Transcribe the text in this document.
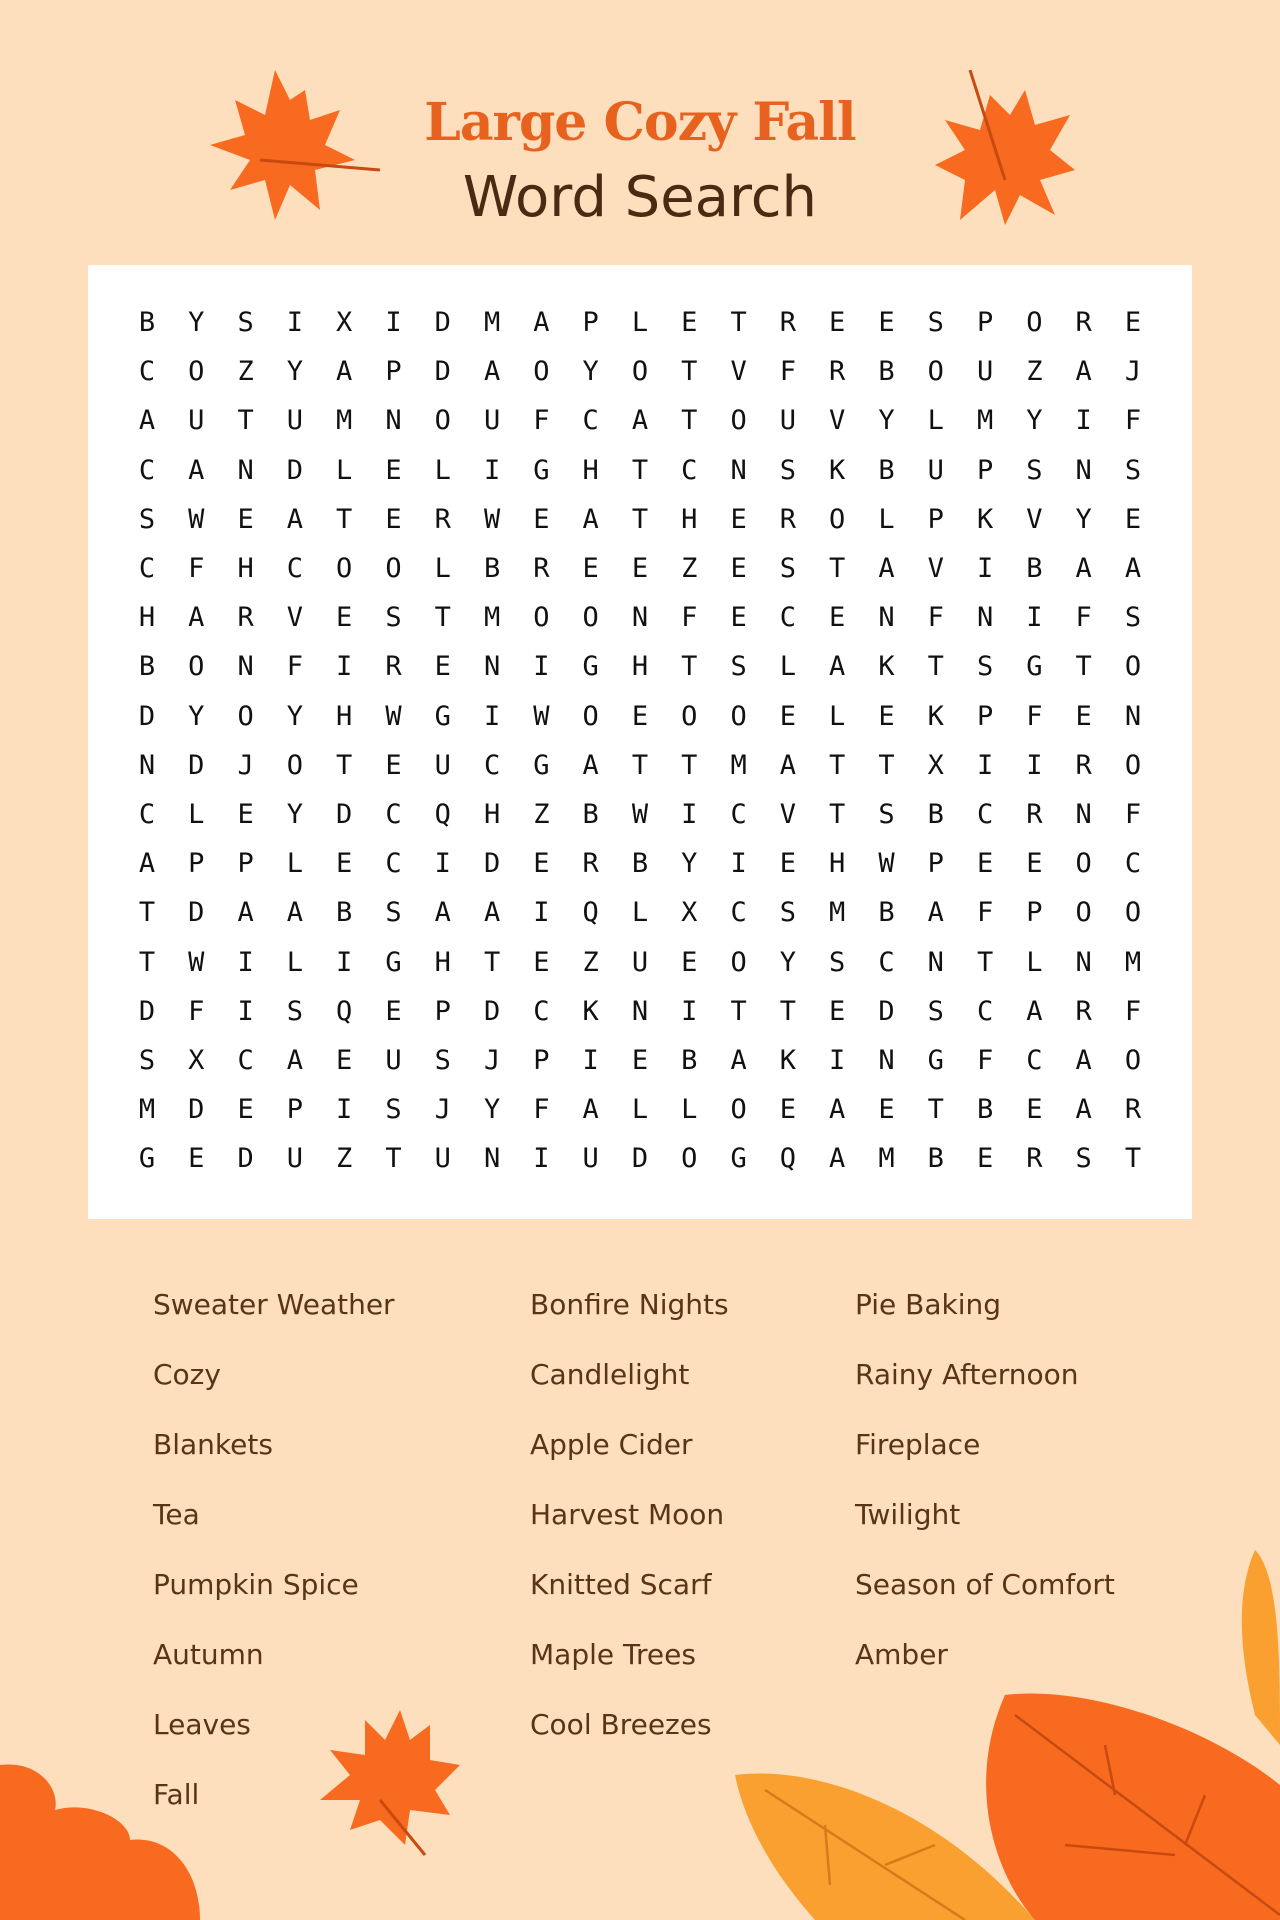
Large Cozy Fall
Word Search
B	Y	S	I	X	I	D	M	A	P	L	E	T	R	E	E	S	P	O	R	E
C	O	Z	Y	A	P	D	A	O	Y	O	T	V	F	R	B	O	U	Z	A	J
A	U	T	U	M	N	O	U	F	C	A	T	O	U	V	Y	L	M	Y	I	F
C	A	N	D	L	E	L	I	G	H	T	C	N	S	K	B	U	P	S	N	S
S	W	E	A	T	E	R	W	E	A	T	H	E	R	O	L	P	K	V	Y	E
C	F	H	C	O	O	L	B	R	E	E	Z	E	S	T	A	V	I	B	A	A
H	A	R	V	E	S	T	M	O	O	N	F	E	C	E	N	F	N	I	F	S
B	O	N	F	I	R	E	N	I	G	H	T	S	L	A	K	T	S	G	T	O
D	Y	O	Y	H	W	G	I	W	O	E	O	O	E	L	E	K	P	F	E	N
N	D	J	O	T	E	U	C	G	A	T	T	M	A	T	T	X	I	I	R	O
C	L	E	Y	D	C	Q	H	Z	B	W	I	C	V	T	S	B	C	R	N	F
A	P	P	L	E	C	I	D	E	R	B	Y	I	E	H	W	P	E	E	O	C
T	D	A	A	B	S	A	A	I	Q	L	X	C	S	M	B	A	F	P	O	O
T	W	I	L	I	G	H	T	E	Z	U	E	O	Y	S	C	N	T	L	N	M
D	F	I	S	Q	E	P	D	C	K	N	I	T	T	E	D	S	C	A	R	F
S	X	C	A	E	U	S	J	P	I	E	B	A	K	I	N	G	F	C	A	O
M	D	E	P	I	S	J	Y	F	A	L	L	O	E	A	E	T	B	E	A	R
G	E	D	U	Z	T	U	N	I	U	D	O	G	Q	A	M	B	E	R	S	T
Sweater Weather
Cozy
Blankets
Tea
Pumpkin Spice
Autumn
Leaves
Fall
Bonfire Nights
Candlelight
Apple Cider
Harvest Moon
Knitted Scarf
Maple Trees
Cool Breezes
Pie Baking
Rainy Afternoon
Fireplace
Twilight
Season of Comfort
Amber
